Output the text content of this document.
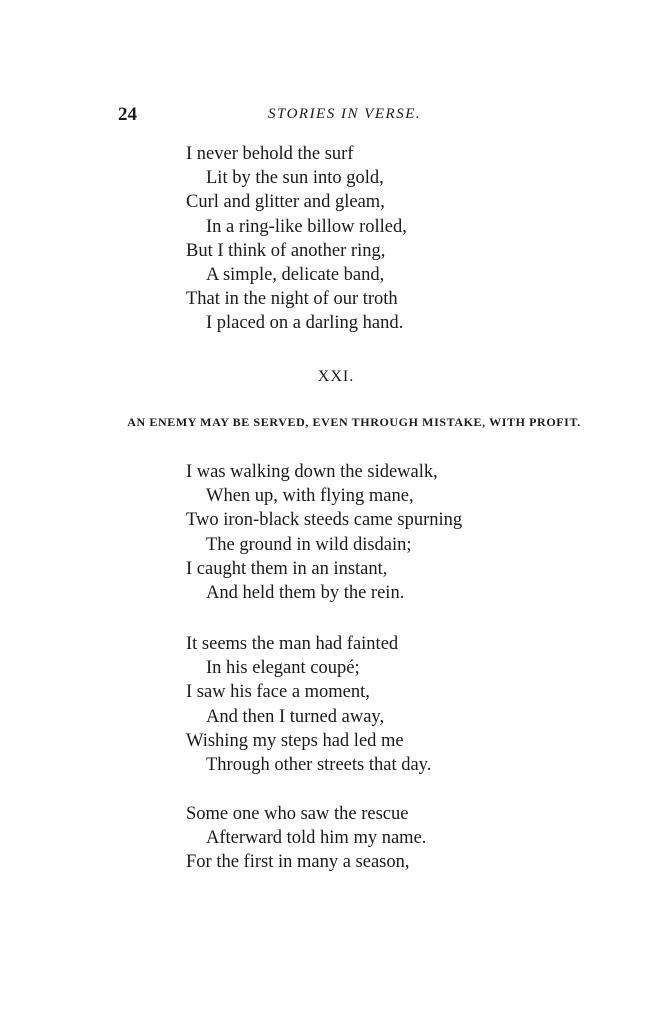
24	STORIES IN VERSE.
I never behold the surf
Lit by the sun into gold,
Curl and glitter and gleam,
In a ring-like billow rolled,
But I think of another ring,
A simple, delicate band,
That in the night of our troth
I placed on a darling hand.
XXI.
AN ENEMY MAY BE SERVED, EVEN THROUGH MISTAKE, WITH PROFIT.
I was walking down the sidewalk,
When up, with flying mane,
Two iron-black steeds came spurning
The ground in wild disdain;
I caught them in an instant,
And held them by the rein.
It seems the man had fainted
In his elegant coupé;
I saw his face a moment,
And then I turned away,
Wishing my steps had led me
Through other streets that day.
Some one who saw the rescue
Afterward told him my name.
For the first in many a season,
